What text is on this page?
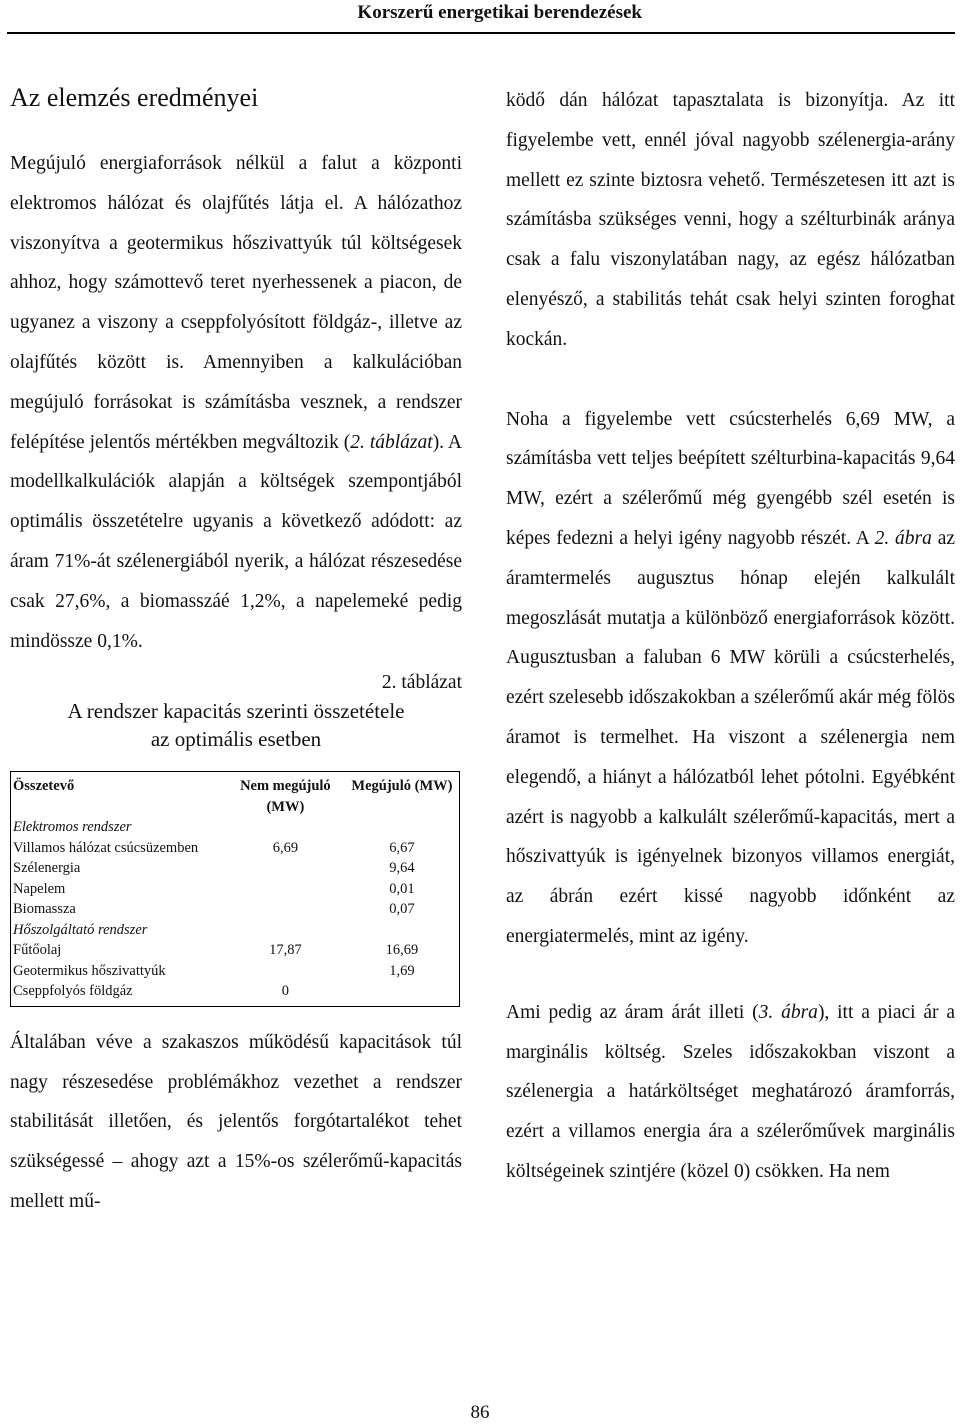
Korszerű energetikai berendezések
Az elemzés eredményei

Megújuló energiaforrások nélkül a falut a központi elektromos hálózat és olajfűtés látja el. A hálózathoz viszonyítva a geotermikus hőszivattyúk túl költségesek ahhoz, hogy számottevő teret nyerhessenek a piacon, de ugyanez a viszony a cseppfolyósított földgáz-, illetve az olajfűtés között is. Amennyiben a kalkulációban megújuló forrásokat is számításba vesznek, a rendszer felépítése jelentős mértékben megváltozik (2. táblázat). A modellkalkulációk alapján a költségek szempontjából optimális összetételre ugyanis a következő adódott: az áram 71%-át szélenergiából nyerik, a hálózat részesedése csak 27,6%, a biomasszáé 1,2%, a napelemeké pedig mindössze 0,1%.

2. táblázat
A rendszer kapacitás szerinti összetétele
az optimális esetben
Összetevő	Nem megújuló (MW)	Megújuló (MW)
Elektromos rendszer		
Villamos hálózat csúcsüzemben	6,69	6,67
Szélenergia		9,64
Napelem		0,01
Biomassza		0,07
Hőszolgáltató rendszer		
Fűtőolaj	17,87	16,69
Geotermikus hőszivattyúk		1,69
Cseppfolyós földgáz	0	

Általában véve a szakaszos működésű kapacitások túl nagy részesedése problémákhoz vezethet a rendszer stabilitását illetően, és jelentős forgótartalékot tehet szükségessé – ahogy azt a 15%-os szélerőmű-kapacitás mellett mű-

ködő dán hálózat tapasztalata is bizonyítja. Az itt figyelembe vett, ennél jóval nagyobb szélenergia-arány mellett ez szinte biztosra vehető. Természetesen itt azt is számításba szükséges venni, hogy a szélturbinák aránya csak a falu viszonylatában nagy, az egész hálózatban elenyésző, a stabilitás tehát csak helyi szinten foroghat kockán.

Noha a figyelembe vett csúcsterhelés 6,69 MW, a számításba vett teljes beépített szélturbina-kapacitás 9,64 MW, ezért a szélerőmű még gyengébb szél esetén is képes fedezni a helyi igény nagyobb részét. A 2. ábra az áramtermelés augusztus hónap elején kalkulált megoszlását mutatja a különböző energiaforrások között. Augusztusban a faluban 6 MW körüli a csúcsterhelés, ezért szelesebb időszakokban a szélerőmű akár még fölös áramot is termelhet. Ha viszont a szélenergia nem elegendő, a hiányt a hálózatból lehet pótolni. Egyébként azért is nagyobb a kalkulált szélerőmű-kapacitás, mert a hőszivattyúk is igényelnek bizonyos villamos energiát, az ábrán ezért kissé nagyobb időnként az energiatermelés, mint az igény.

Ami pedig az áram árát illeti (3. ábra), itt a piaci ár a marginális költség. Szeles időszakokban viszont a szélenergia a határköltséget meghatározó áramforrás, ezért a villamos energia ára a szélerőművek marginális költségeinek szintjére (közel 0) csökken. Ha nem

86
